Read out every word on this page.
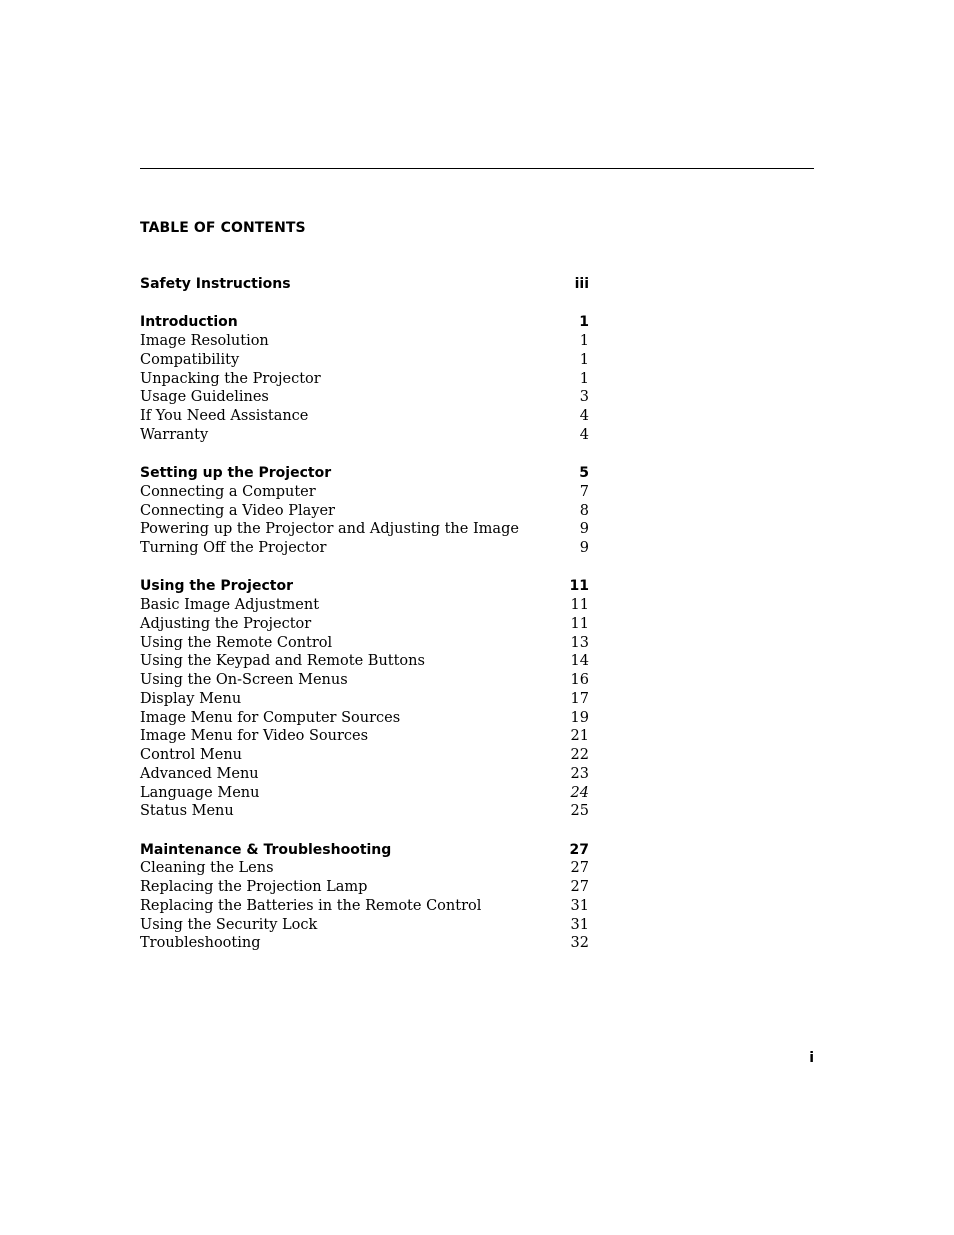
TABLE OF CONTENTS
Safety Instructions	iii
Introduction	1
Image Resolution	1
Compatibility	1
Unpacking the Projector	1
Usage Guidelines	3
If You Need Assistance	4
Warranty	4
Setting up the Projector	5
Connecting a Computer	7
Connecting a Video Player	8
Powering up the Projector and Adjusting the Image	9
Turning Off the Projector	9
Using the Projector	11
Basic Image Adjustment	11
Adjusting the Projector	11
Using the Remote Control	13
Using the Keypad and Remote Buttons	14
Using the On-Screen Menus	16
Display Menu	17
Image Menu for Computer Sources	19
Image Menu for Video Sources	21
Control Menu	22
Advanced Menu	23
Language Menu	24
Status Menu	25
Maintenance & Troubleshooting	27
Cleaning the Lens	27
Replacing the Projection Lamp	27
Replacing the Batteries in the Remote Control	31
Using the Security Lock	31
Troubleshooting	32
i
